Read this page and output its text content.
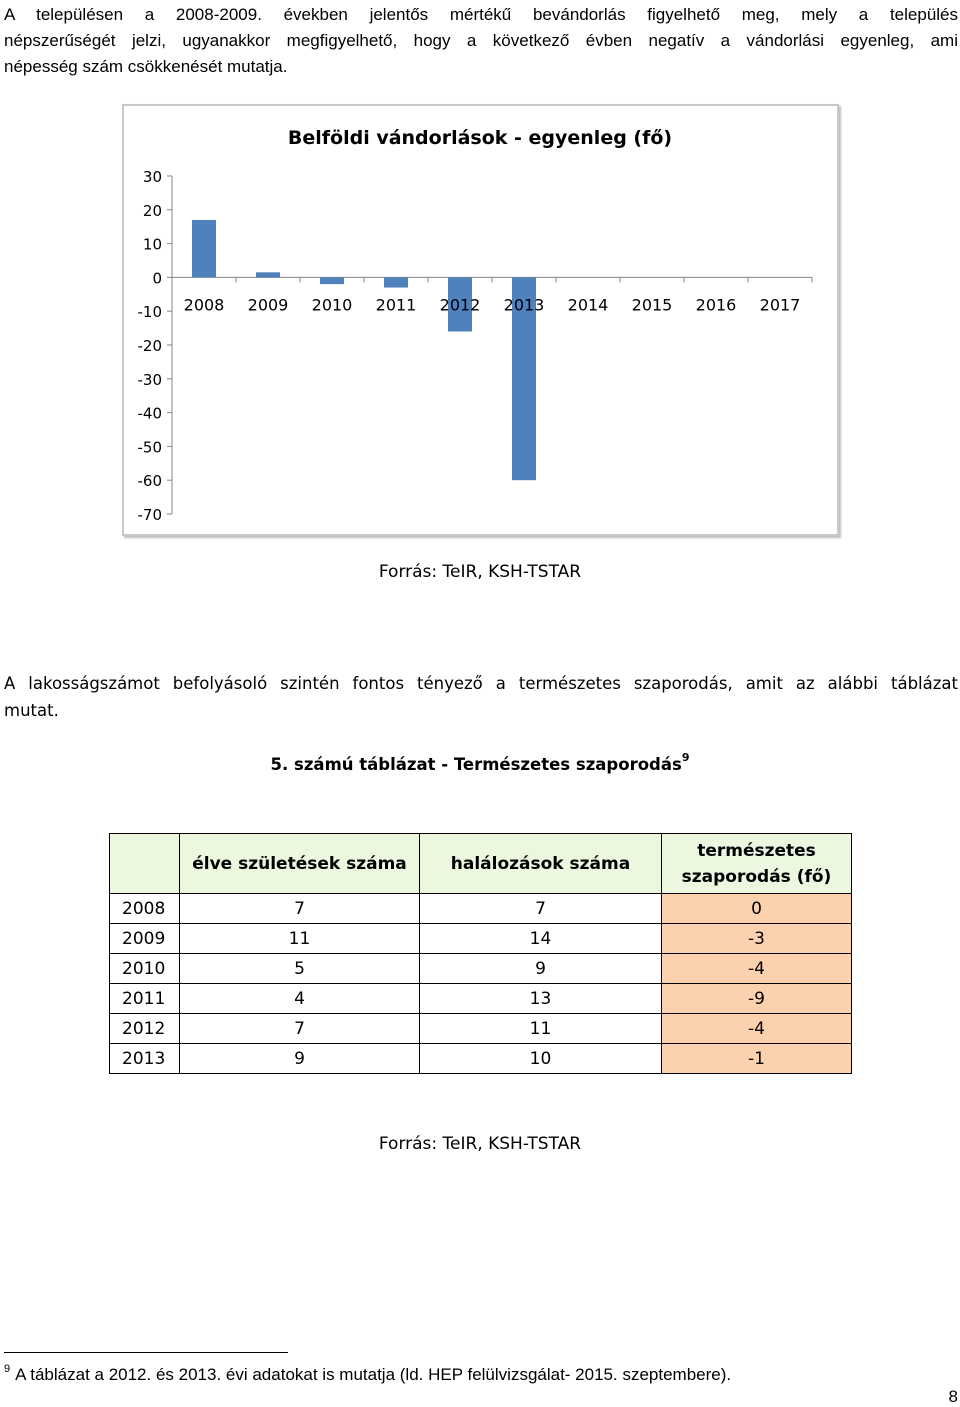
A településen a 2008-2009. években jelentős mértékű bevándorlás figyelhető meg, mely a település
népszerűségét jelzi, ugyanakkor megfigyelhető, hogy a következő évben negatív a vándorlási egyenleg, ami
népesség szám csökkenését mutatja.
Belföldi vándorlások - egyenleg (fő)
30
20
10
0
-10
-20
-30
-40
-50
-60
-70
2008 2009 2010 2011 2012 2013 2014 2015 2016 2017
Forrás: TeIR, KSH-TSTAR
A lakosságszámot befolyásoló szintén fontos tényező a természetes szaporodás, amit az alábbi táblázat
mutat.
5. számú táblázat - Természetes szaporodás$^9$
	élve születések száma	halálozások száma	természetes
szaporodás (fő)
2008	7	7	0
2009	11	14	-3
2010	5	9	-4
2011	4	13	-9
2012	7	11	-4
2013	9	10	-1
Forrás: TeIR, KSH-TSTAR
$^9$ A táblázat a 2012. és 2013. évi adatokat is mutatja (ld. HEP felülvizsgálat- 2015. szeptembere).
8
